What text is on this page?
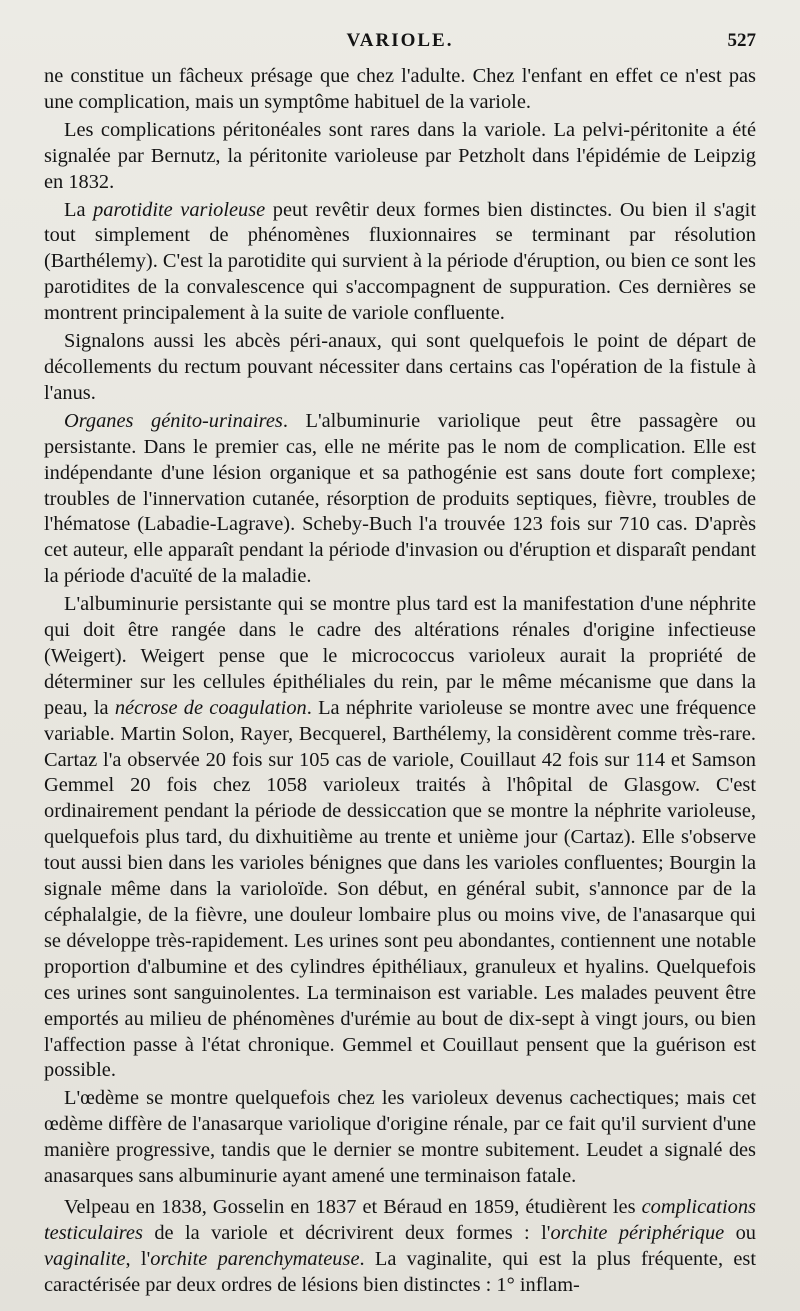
VARIOLE.	527

ne constitue un fâcheux présage que chez l'adulte. Chez l'enfant en effet ce n'est pas une complication, mais un symptôme habituel de la variole.

Les complications péritonéales sont rares dans la variole. La pelvi-péritonite a été signalée par Bernutz, la péritonite varioleuse par Petzholt dans l'épidémie de Leipzig en 1832.

La parotidite varioleuse peut revêtir deux formes bien distinctes. Ou bien il s'agit tout simplement de phénomènes fluxionnaires se terminant par résolution (Barthélemy). C'est la parotidite qui survient à la période d'éruption, ou bien ce sont les parotidites de la convalescence qui s'accompagnent de suppuration. Ces dernières se montrent principalement à la suite de variole confluente.

Signalons aussi les abcès péri-anaux, qui sont quelquefois le point de départ de décollements du rectum pouvant nécessiter dans certains cas l'opération de la fistule à l'anus.

Organes génito-urinaires. L'albuminurie variolique peut être passagère ou persistante. Dans le premier cas, elle ne mérite pas le nom de complication. Elle est indépendante d'une lésion organique et sa pathogénie est sans doute fort complexe; troubles de l'innervation cutanée, résorption de produits septiques, fièvre, troubles de l'hématose (Labadie-Lagrave). Scheby-Buch l'a trouvée 123 fois sur 710 cas. D'après cet auteur, elle apparaît pendant la période d'invasion ou d'éruption et disparaît pendant la période d'acuïté de la maladie.

L'albuminurie persistante qui se montre plus tard est la manifestation d'une néphrite qui doit être rangée dans le cadre des altérations rénales d'origine infectieuse (Weigert). Weigert pense que le micrococcus varioleux aurait la propriété de déterminer sur les cellules épithéliales du rein, par le même mécanisme que dans la peau, la nécrose de coagulation. La néphrite varioleuse se montre avec une fréquence variable. Martin Solon, Rayer, Becquerel, Barthélemy, la considèrent comme très-rare. Cartaz l'a observée 20 fois sur 105 cas de variole, Couillaut 42 fois sur 114 et Samson Gemmel 20 fois chez 1058 varioleux traités à l'hôpital de Glasgow. C'est ordinairement pendant la période de dessiccation que se montre la néphrite varioleuse, quelquefois plus tard, du dixhuitième au trente et unième jour (Cartaz). Elle s'observe tout aussi bien dans les varioles bénignes que dans les varioles confluentes; Bourgin la signale même dans la varioloïde. Son début, en général subit, s'annonce par de la céphalalgie, de la fièvre, une douleur lombaire plus ou moins vive, de l'anasarque qui se développe très-rapidement. Les urines sont peu abondantes, contiennent une notable proportion d'albumine et des cylindres épithéliaux, granuleux et hyalins. Quelquefois ces urines sont sanguinolentes. La terminaison est variable. Les malades peuvent être emportés au milieu de phénomènes d'urémie au bout de dix-sept à vingt jours, ou bien l'affection passe à l'état chronique. Gemmel et Couillaut pensent que la guérison est possible.

L'œdème se montre quelquefois chez les varioleux devenus cachectiques; mais cet œdème diffère de l'anasarque variolique d'origine rénale, par ce fait qu'il survient d'une manière progressive, tandis que le dernier se montre subitement. Leudet a signalé des anasarques sans albuminurie ayant amené une terminaison fatale.

Velpeau en 1838, Gosselin en 1837 et Béraud en 1859, étudièrent les complications testiculaires de la variole et décrivirent deux formes : l'orchite périphérique ou vaginalite, l'orchite parenchymateuse. La vaginalite, qui est la plus fréquente, est caractérisée par deux ordres de lésions bien distinctes : 1° inflam-
